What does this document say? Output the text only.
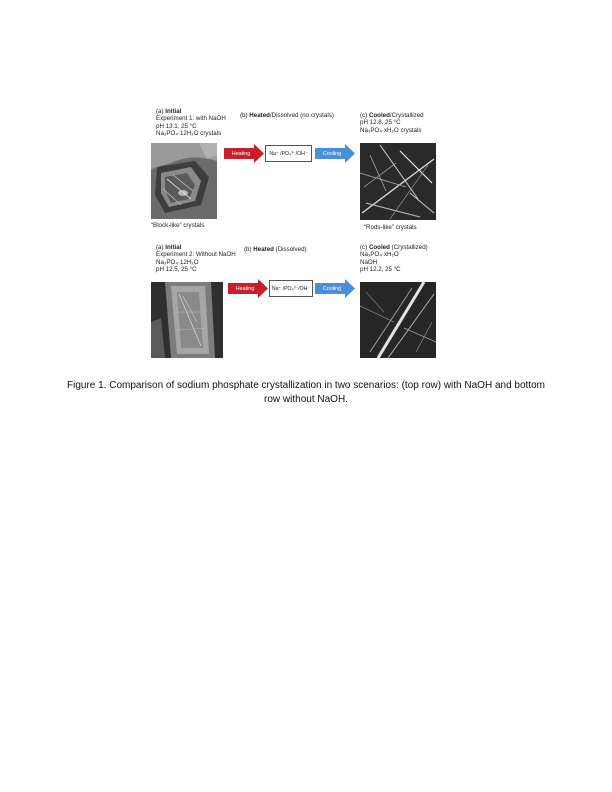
(a) Initial
Experiment 1: with NaOH
pH 13.1, 25 °C
Na₃PO₄·12H₂O crystals
(b) Heated/Dissolved (no crystals)	(c) Cooled/Crystallized
pH 12.8, 25 °C
Na₃PO₄·xH₂O crystals
“Block-like” crystals	“Rods-like” crystals
Heating	Na⁺ /PO₄³⁻/OH⁻	Cooling
(a) Initial
Experiment 2: Without NaOH
Na₃PO₄·12H₂O
pH 12.5, 25 °C
(b) Heated (Dissolved)	(c) Cooled (Crystallized)
Na₃PO₄·xH₂O
NaOH
pH 12.2, 25 °C
Heating	Na⁺ /PO₄³⁻/OH⁻	Cooling
Figure 1. Comparison of sodium phosphate crystallization in two scenarios: (top row) with NaOH and bottom row without NaOH.
